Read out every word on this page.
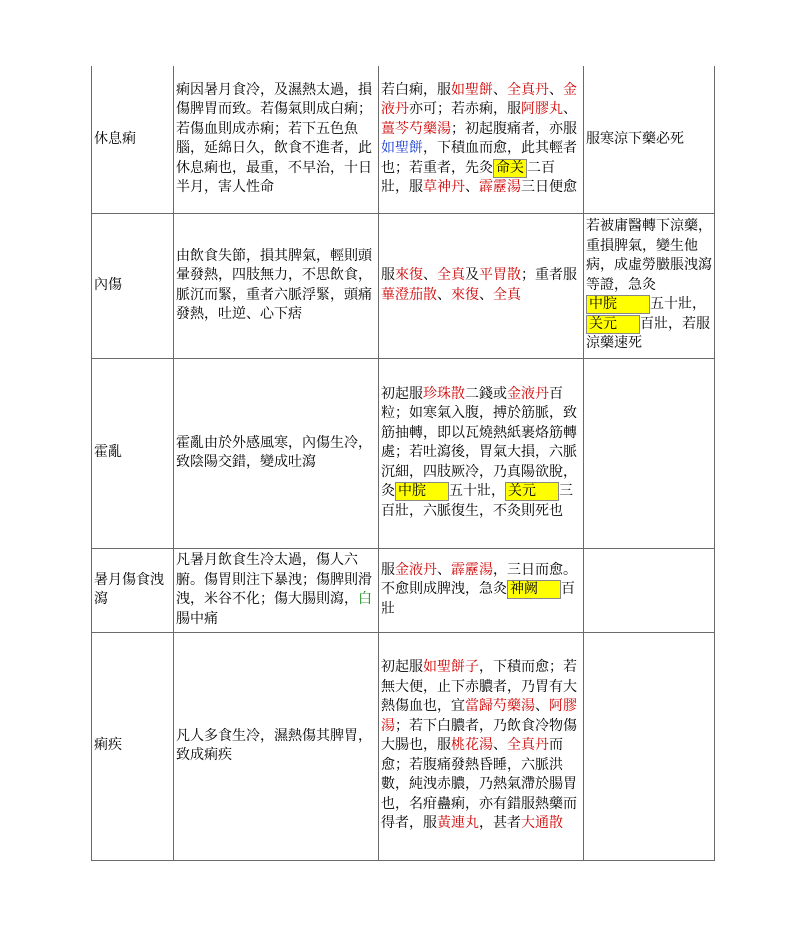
休息痢	痢因暑月食冷，及濕熱太過，損傷脾胃而致。若傷氣則成白痢；若傷血則成赤痢；若下五色魚腦，延綿日久，飲食不進者，此休息痢也，最重，不早治，十日半月，害人性命	若白痢，服如聖餅、全真丹、金液丹亦可；若赤痢，服阿膠丸、薑芩芍藥湯；初起腹痛者，亦服如聖餅，下積血而愈，此其輕者也；若重者，先灸 命关 二百壯，服草神丹、霹靂湯三日便愈	服寒涼下藥必死
內傷	由飲食失節，損其脾氣，輕則頭暈發熱，四肢無力，不思飲食，脈沉而緊，重者六脈浮緊，頭痛發熱，吐逆、心下痞	服來復、全真及平胃散；重者服蓽澄茄散、來復、全真	若被庸醫轉下涼藥，重損脾氣，變生他病，成虛勞臌脹洩瀉等證，急灸中脘 五十壯，关元 百壯，若服涼藥速死
霍亂	霍亂由於外感風寒，內傷生冷，致陰陽交錯，變成吐瀉	初起服珍珠散二錢或金液丹百粒；如寒氣入腹，搏於筋脈，致筋抽轉，即以瓦燒熱紙裹烙筋轉處；若吐瀉後，胃氣大損，六脈沉細，四肢厥冷，乃真陽欲脫，灸 中脘 五十壯， 关元 三百壯，六脈復生，不灸則死也	
暑月傷食洩瀉	凡暑月飲食生冷太過，傷人六腑。傷胃則注下暴洩；傷脾則滑洩，米谷不化；傷大腸則瀉，白腸中痛	服金液丹、霹靂湯，三日而愈。不愈則成脾洩，急灸 神阙 百壯	
痢疾	凡人多食生冷，濕熱傷其脾胃，致成痢疾	初起服如聖餅子，下積而愈；若無大便，止下赤膿者，乃胃有大熱傷血也，宜當歸芍藥湯、阿膠湯；若下白膿者，乃飲食冷物傷大腸也，服桃花湯、全真丹而愈；若腹痛發熱昏睡，六脈洪數，純洩赤膿，乃熱氣滯於腸胃也，名疳蠱痢，亦有錯服熱藥而得者，服黃連丸，甚者大通散	
